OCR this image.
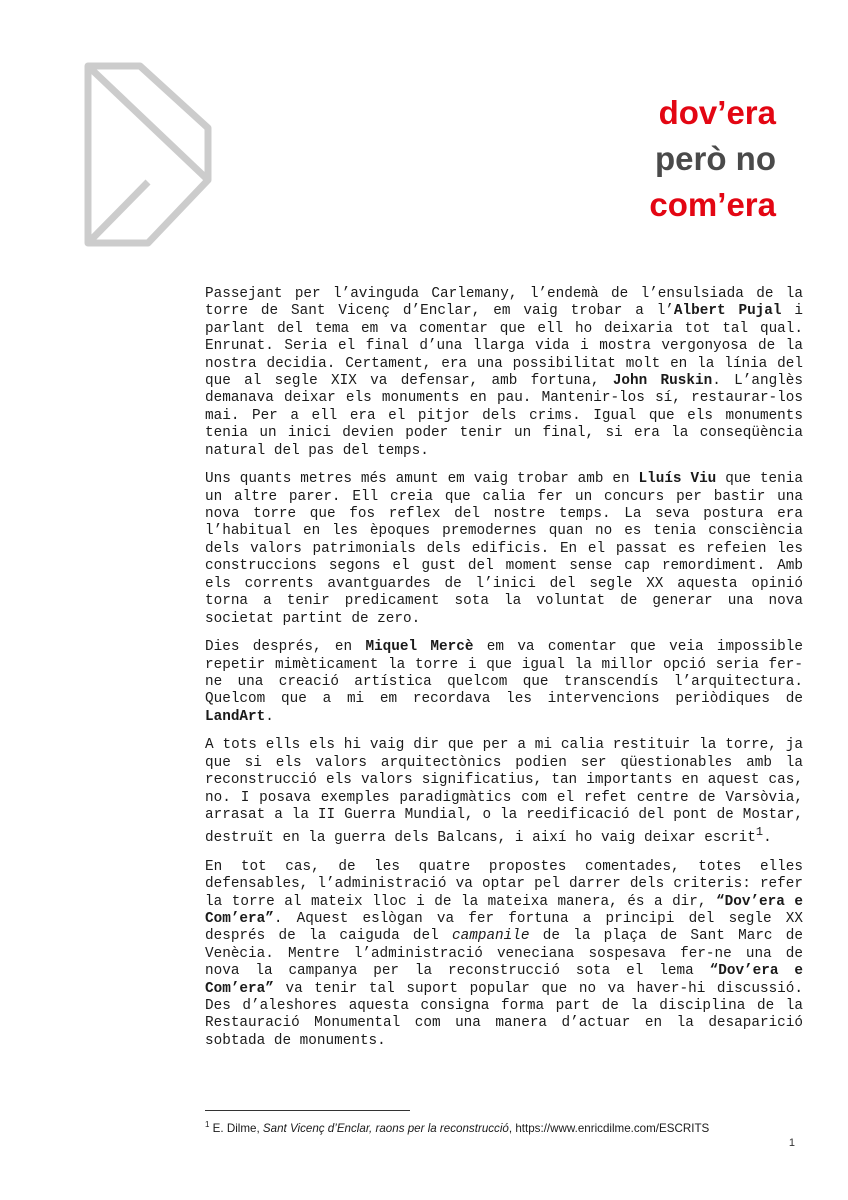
dov’era
però no
com’era

Passejant per l’avinguda Carlemany, l’endemà de l’ensulsiada de la torre de Sant Vicenç d’Enclar, em vaig trobar a l’Albert Pujal i parlant del tema em va comentar que ell ho deixaria tot tal qual. Enrunat. Seria el final d’una llarga vida i mostra vergonyosa de la nostra decidia. Certament, era una possibilitat molt en la línia del que al segle XIX va defensar, amb fortuna, John Ruskin. L’anglès demanava deixar els monuments en pau. Mantenir-los sí, restaurar-los mai. Per a ell era el pitjor dels crims. Igual que els monuments tenia un inici devien poder tenir un final, si era la conseqüència natural del pas del temps.

Uns quants metres més amunt em vaig trobar amb en Lluís Viu que tenia un altre parer. Ell creia que calia fer un concurs per bastir una nova torre que fos reflex del nostre temps. La seva postura era l’habitual en les èpoques premodernes quan no es tenia consciència dels valors patrimonials dels edificis. En el passat es refeien les construccions segons el gust del moment sense cap remordiment. Amb els corrents avantguardes de l’inici del segle XX aquesta opinió torna a tenir predicament sota la voluntat de generar una nova societat partint de zero.

Dies després, en Miquel Mercè em va comentar que veia impossible repetir mimèticament la torre i que igual la millor opció seria fer-ne una creació artística quelcom que transcendís l’arquitectura. Quelcom que a mi em recordava les intervencions periòdiques de LandArt.

A tots ells els hi vaig dir que per a mi calia restituir la torre, ja que si els valors arquitectònics podien ser qüestionables amb la reconstrucció els valors significatius, tan importants en aquest cas, no. I posava exemples paradigmàtics com el refet centre de Varsòvia, arrasat a la II Guerra Mundial, o la reedificació del pont de Mostar, destruït en la guerra dels Balcans, i així ho vaig deixar escrit$^1$.

En tot cas, de les quatre propostes comentades, totes elles defensables, l’administració va optar pel darrer dels criteris: refer la torre al mateix lloc i de la mateixa manera, és a dir, “Dov’era e Com’era”. Aquest eslògan va fer fortuna a principi del segle XX després de la caiguda del campanile de la plaça de Sant Marc de Venècia. Mentre l’administració veneciana sospesava fer-ne una de nova la campanya per la reconstrucció sota el lema “Dov’era e Com’era” va tenir tal suport popular que no va haver-hi discussió. Des d’aleshores aquesta consigna forma part de la disciplina de la Restauració Monumental com una manera d’actuar en la desaparició sobtada de monuments.

$^1$ E. Dilme, Sant Vicenç d’Enclar, raons per la reconstrucció, https://www.enricdilme.com/ESCRITS
1
